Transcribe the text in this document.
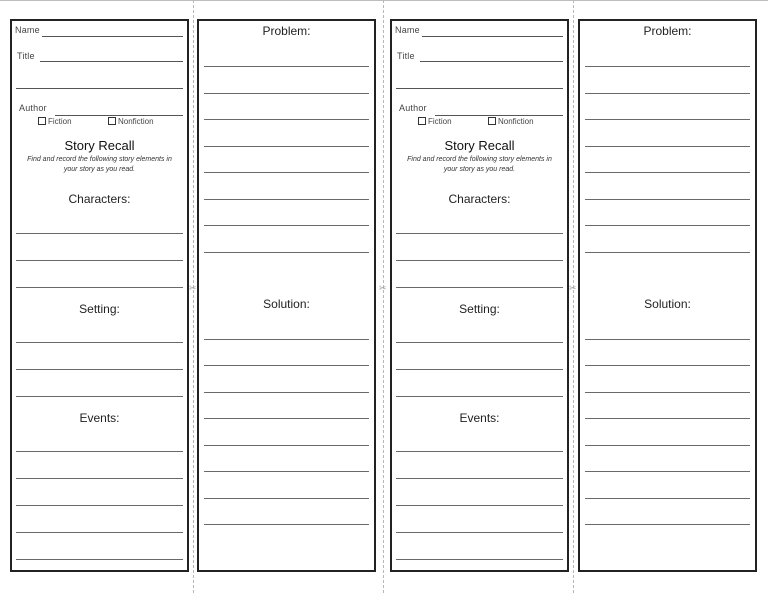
✂	✂	✂
Name
Title
Author
Fiction	Nonfiction
Story Recall
Find and record the following story elements in your story as you read.
Characters:
Setting:
Events:
Problem:
Solution:
Name
Title
Author
Fiction	Nonfiction
Story Recall
Find and record the following story elements in your story as you read.
Characters:
Setting:
Events:
Problem:
Solution:
